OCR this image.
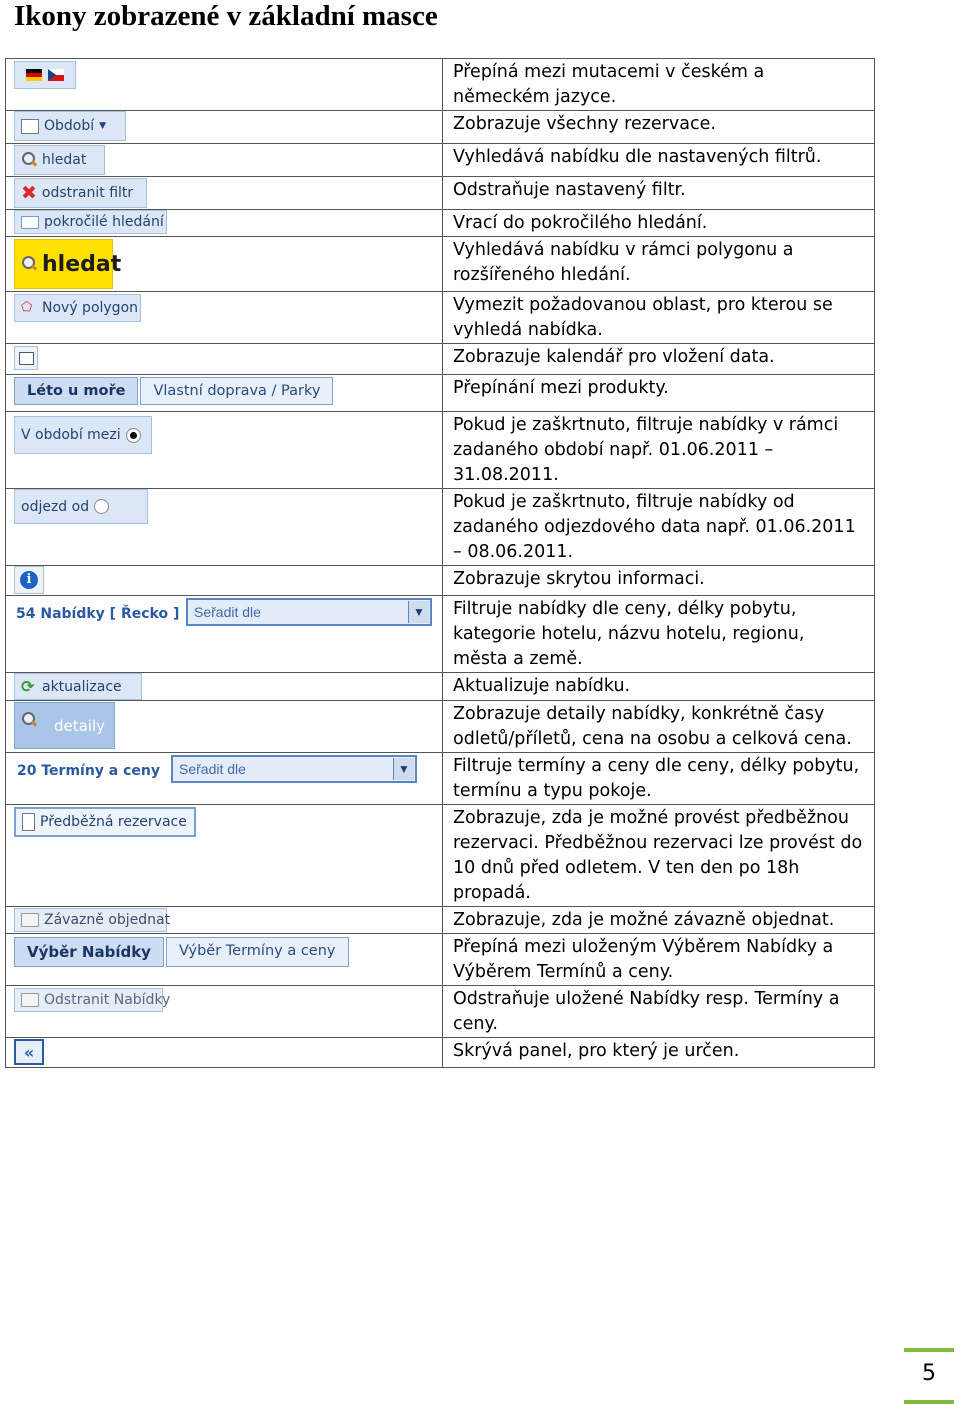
Ikony zobrazené v základní masce

	Přepíná mezi mutacemi v českém a německém jazyce.

Období ▼	Zobrazuje všechny rezervace.

hledat	Vyhledává nabídku dle nastavených filtrů.

✖ odstranit filtr	Odstraňuje nastavený filtr.

pokročilé hledání	Vrací do pokročilého hledání.

hledat	Vyhledává nabídku v rámci polygonu a rozšířeného hledání.

⬠ Nový polygon	Vymezit požadovanou oblast, pro kterou se vyhledá nabídka.

	Zobrazuje kalendář pro vložení data.

Léto u moře Vlastní doprava / Parky	Přepínání mezi produkty.

V období mezi	Pokud je zaškrtnuto, filtruje nabídky v rámci zadaného období např. 01.06.2011 – 31.08.2011.

odjezd od	Pokud je zaškrtnuto, filtruje nabídky od zadaného odjezdového data např. 01.06.2011 – 08.06.2011.

i	Zobrazuje skrytou informaci.

54 Nabídky [ Řecko ] Seřadit dle ▼	Filtruje nabídky dle ceny, délky pobytu, kategorie hotelu, názvu hotelu, regionu, města a země.

⟳ aktualizace	Aktualizuje nabídku.

detaily	Zobrazuje detaily nabídky, konkrétně časy odletů/příletů, cena na osobu a celková cena.

20 Termíny a ceny Seřadit dle ▼	Filtruje termíny a ceny dle ceny, délky pobytu, termínu a typu pokoje.

Předběžná rezervace	Zobrazuje, zda je možné provést předběžnou rezervaci. Předběžnou rezervaci lze provést do 10 dnů před odletem. V ten den po 18h propadá.

Závazně objednat	Zobrazuje, zda je možné závazně objednat.

Výběr Nabídky Výběr Termíny a ceny	Přepíná mezi uloženým Výběrem Nabídky a Výběrem Termínů a ceny.

Odstranit Nabídky	Odstraňuje uložené Nabídky resp. Termíny a ceny.

«	Skrývá panel, pro který je určen.
5
